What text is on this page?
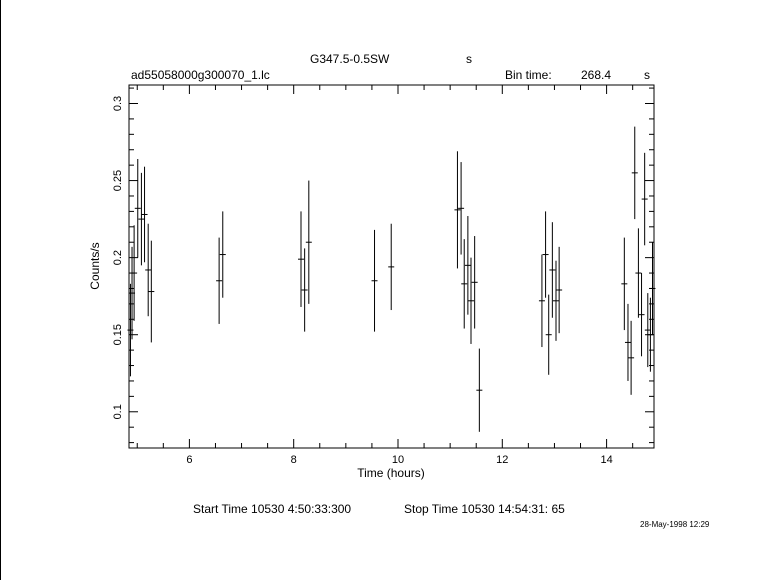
G347.5-0.5SW	s
ad55058000g300070_1.lc	Bin time: 268.4	s
6	8	10	12	14
0.1
0.15
0.2
0.25
0.3
Time (hours)
Counts/s
Start Time 10530 4:50:33:300	Stop Time 10530 14:54:31: 65
28-May-1998 12:29
